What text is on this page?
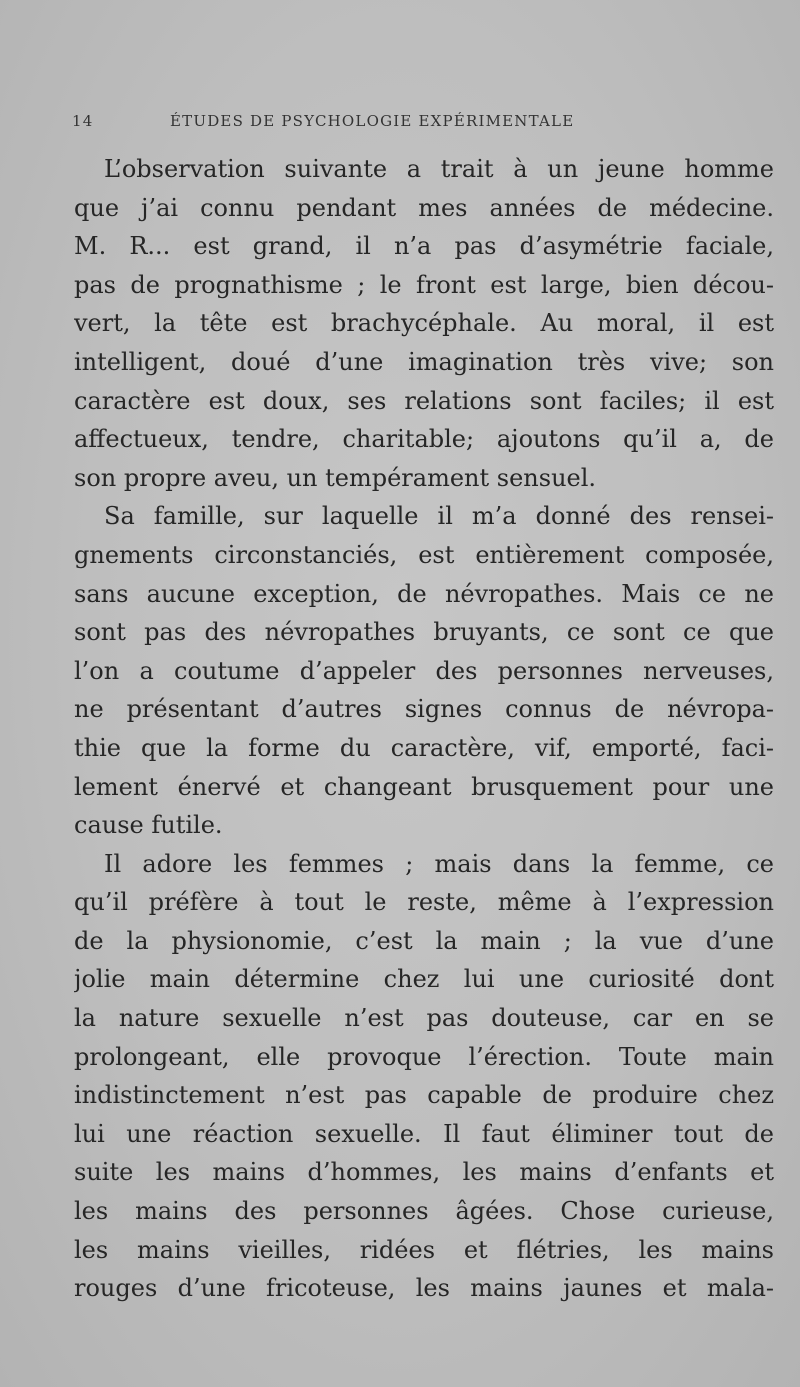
14	ÉTUDES DE PSYCHOLOGIE EXPÉRIMENTALE
L’observation suivante a trait à un jeune homme
que j’ai connu pendant mes années de médecine.
M. R... est grand, il n’a pas d’asymétrie faciale,
pas de prognathisme ; le front est large, bien décou-
vert, la tête est brachycéphale. Au moral, il est
intelligent, doué d’une imagination très vive; son
caractère est doux, ses relations sont faciles; il est
affectueux, tendre, charitable; ajoutons qu’il a, de
son propre aveu, un tempérament sensuel.
Sa famille, sur laquelle il m’a donné des rensei-
gnements circonstanciés, est entièrement composée,
sans aucune exception, de névropathes. Mais ce ne
sont pas des névropathes bruyants, ce sont ce que
l’on a coutume d’appeler des personnes nerveuses,
ne présentant d’autres signes connus de névropa-
thie que la forme du caractère, vif, emporté, faci-
lement énervé et changeant brusquement pour une
cause futile.
Il adore les femmes ; mais dans la femme, ce
qu’il préfère à tout le reste, même à l’expression
de la physionomie, c’est la main ; la vue d’une
jolie main détermine chez lui une curiosité dont
la nature sexuelle n’est pas douteuse, car en se
prolongeant, elle provoque l’érection. Toute main
indistinctement n’est pas capable de produire chez
lui une réaction sexuelle. Il faut éliminer tout de
suite les mains d’hommes, les mains d’enfants et
les mains des personnes âgées. Chose curieuse,
les mains vieilles, ridées et flétries, les mains
rouges d’une fricoteuse, les mains jaunes et mala-
